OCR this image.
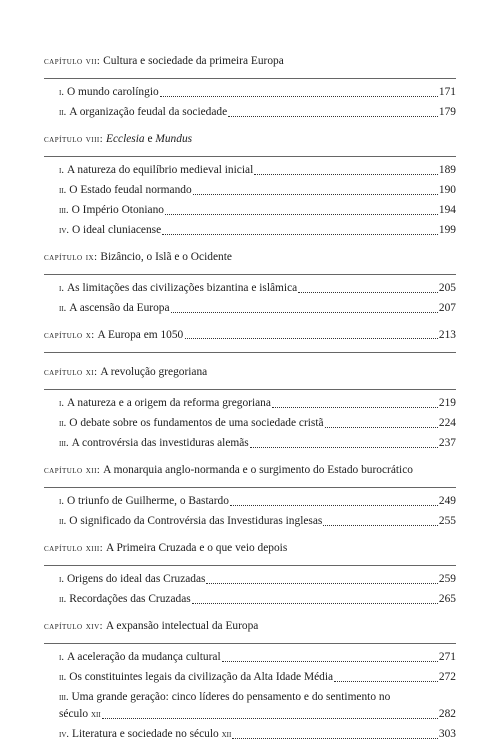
capítulo vii:
Cultura e sociedade da primeira Europa
i. O mundo carolíngio	171
ii. A organização feudal da sociedade	179
capítulo viii:
Ecclesia e Mundus
i. A natureza do equilíbrio medieval inicial	189
ii. O Estado feudal normando	190
iii. O Império Otoniano	194
iv. O ideal cluniacense	199
capítulo ix:
Bizâncio, o Islã e o Ocidente
i. As limitações das civilizações bizantina e islâmica	205
ii. A ascensão da Europa	207
capítulo x:
A Europa em 1050	213
capítulo xi:
A revolução gregoriana
i. A natureza e a origem da reforma gregoriana	219
ii. O debate sobre os fundamentos de uma sociedade cristã	224
iii. A controvérsia das investiduras alemãs	237
capítulo xii:
A monarquia anglo-normanda e o surgimento do Estado burocrático
i. O triunfo de Guilherme, o Bastardo	249
ii. O significado da Controvérsia das Investiduras inglesas	255
capítulo xiii:
A Primeira Cruzada e o que veio depois
i. Origens do ideal das Cruzadas	259
ii. Recordações das Cruzadas	265
capítulo xiv:
A expansão intelectual da Europa
i. A aceleração da mudança cultural	271
ii. Os constituintes legais da civilização da Alta Idade Média	272
iii. Uma grande geração: cinco líderes do pensamento e do sentimento no
século xii	282
iv. Literatura e sociedade no século xii	303
